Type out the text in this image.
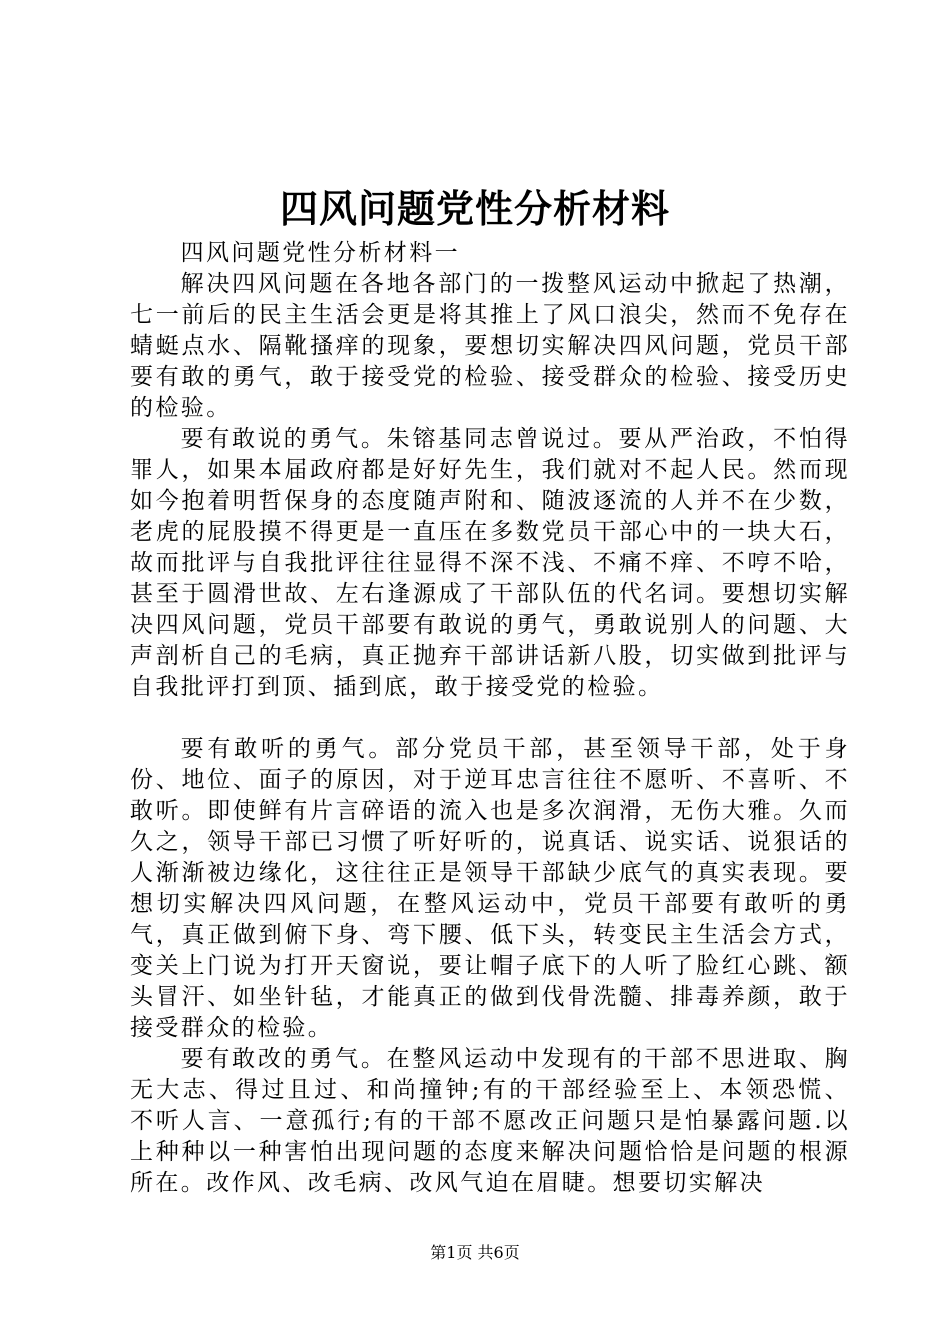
四风问题党性分析材料

四风问题党性分析材料一

解决四风问题在各地各部门的一拨整风运动中掀起了热潮，七一前后的民主生活会更是将其推上了风口浪尖，然而不免存在蜻蜓点水、隔靴搔痒的现象，要想切实解决四风问题，党员干部要有敢的勇气，敢于接受党的检验、接受群众的检验、接受历史的检验。

要有敢说的勇气。朱镕基同志曾说过。要从严治政，不怕得罪人，如果本届政府都是好好先生，我们就对不起人民。然而现如今抱着明哲保身的态度随声附和、随波逐流的人并不在少数，老虎的屁股摸不得更是一直压在多数党员干部心中的一块大石，故而批评与自我批评往往显得不深不浅、不痛不痒、不哼不哈，甚至于圆滑世故、左右逢源成了干部队伍的代名词。要想切实解决四风问题，党员干部要有敢说的勇气，勇敢说别人的问题、大声剖析自己的毛病，真正抛弃干部讲话新八股，切实做到批评与自我批评打到顶、插到底，敢于接受党的检验。

要有敢听的勇气。部分党员干部，甚至领导干部，处于身份、地位、面子的原因，对于逆耳忠言往往不愿听、不喜听、不敢听。即使鲜有片言碎语的流入也是多次润滑，无伤大雅。久而久之，领导干部已习惯了听好听的，说真话、说实话、说狠话的人渐渐被边缘化，这往往正是领导干部缺少底气的真实表现。要想切实解决四风问题，在整风运动中，党员干部要有敢听的勇气，真正做到俯下身、弯下腰、低下头，转变民主生活会方式，变关上门说为打开天窗说，要让帽子底下的人听了脸红心跳、额头冒汗、如坐针毡，才能真正的做到伐骨洗髓、排毒养颜，敢于接受群众的检验。

要有敢改的勇气。在整风运动中发现有的干部不思进取、胸无大志、得过且过、和尚撞钟;有的干部经验至上、本领恐慌、不听人言、一意孤行;有的干部不愿改正问题只是怕暴露问题.以上种种以一种害怕出现问题的态度来解决问题恰恰是问题的根源所在。改作风、改毛病、改风气迫在眉睫。想要切实解决

第1页 共6页
